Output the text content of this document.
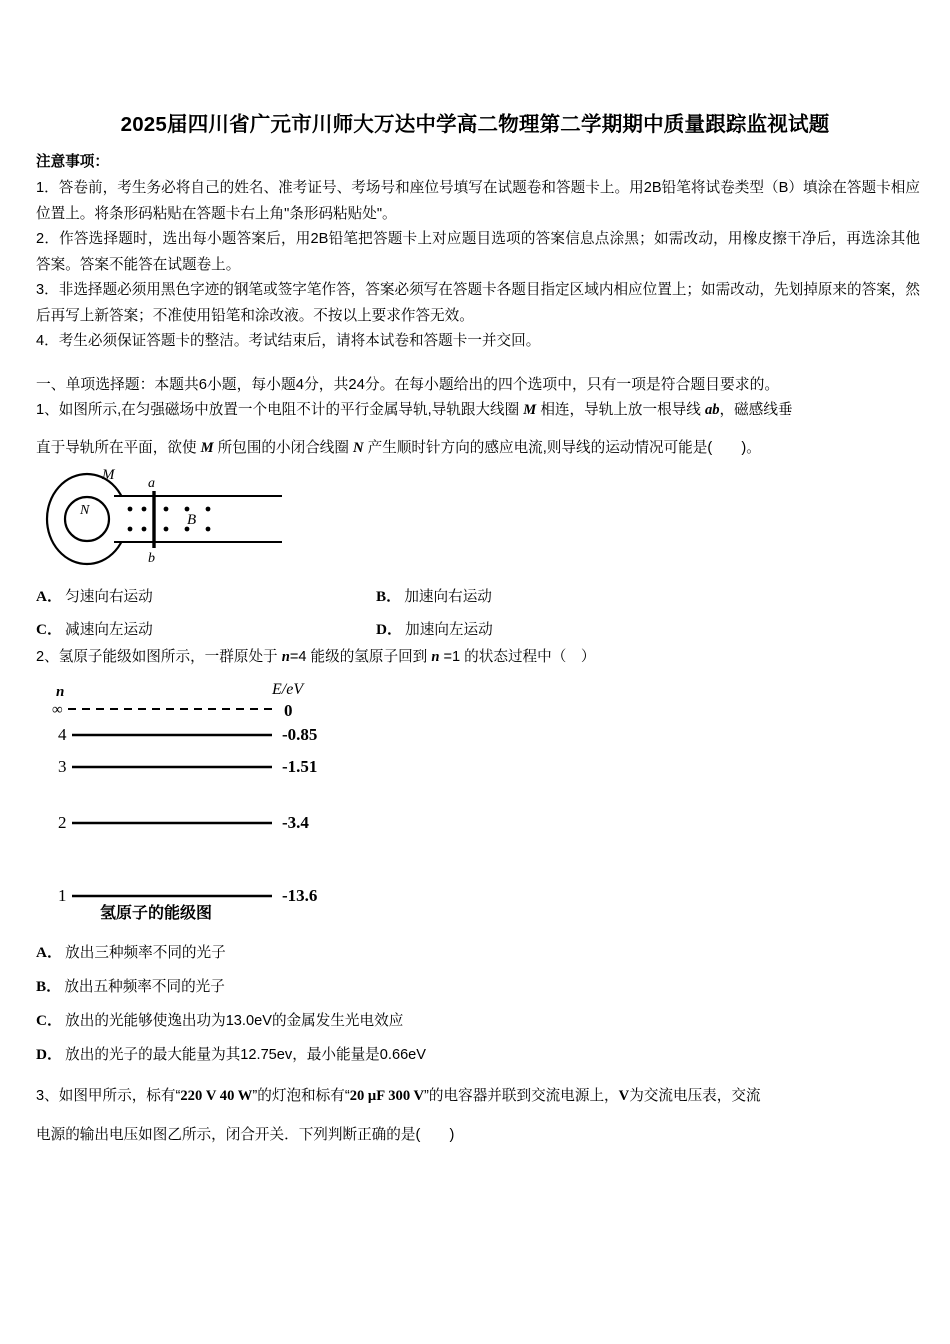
2025届四川省广元市川师大万达中学高二物理第二学期期中质量跟踪监视试题
注意事项：

1．答卷前，考生务必将自己的姓名、准考证号、考场号和座位号填写在试题卷和答题卡上。用2B铅笔将试卷类型（B）填涂在答题卡相应位置上。将条形码粘贴在答题卡右上角"条形码粘贴处"。

2．作答选择题时，选出每小题答案后，用2B铅笔把答题卡上对应题目选项的答案信息点涂黑；如需改动，用橡皮擦干净后，再选涂其他答案。答案不能答在试题卷上。

3．非选择题必须用黑色字迹的钢笔或签字笔作答，答案必须写在答题卡各题目指定区域内相应位置上；如需改动，先划掉原来的答案，然后再写上新答案；不准使用铅笔和涂改液。不按以上要求作答无效。

4．考生必须保证答题卡的整洁。考试结束后，请将本试卷和答题卡一并交回。

一、单项选择题：本题共6小题，每小题4分，共24分。在每小题给出的四个选项中，只有一项是符合题目要求的。
1、如图所示,在匀强磁场中放置一个电阻不计的平行金属导轨,导轨跟大线圈 M 相连，导轨上放一根导线 ab，磁感线垂
直于导轨所在平面，欲使 M 所包围的小闭合线圈 N 产生顺时针方向的感应电流,则导线的运动情况可能是(　　)。
M
N
a
b
B
A． 匀速向右运动	B． 加速向右运动
C． 减速向左运动	D． 加速向左运动
2、氢原子能级如图所示，一群原处于 n=4 能级的氢原子回到 n =1 的状态过程中（　）
n	E/eV
∞	0
4	-0.85
3	-1.51
2	-3.4
1	-13.6
氢原子的能级图
A． 放出三种频率不同的光子
B． 放出五种频率不同的光子
C． 放出的光能够使逸出功为13.0eV的金属发生光电效应
D． 放出的光子的最大能量为其12.75ev，最小能量是0.66eV
3、如图甲所示，标有“220 V 40 W”的灯泡和标有“20 μF 300 V”的电容器并联到交流电源上，V为交流电压表，交流
电源的输出电压如图乙所示，闭合开关．下列判断正确的是(　　)
